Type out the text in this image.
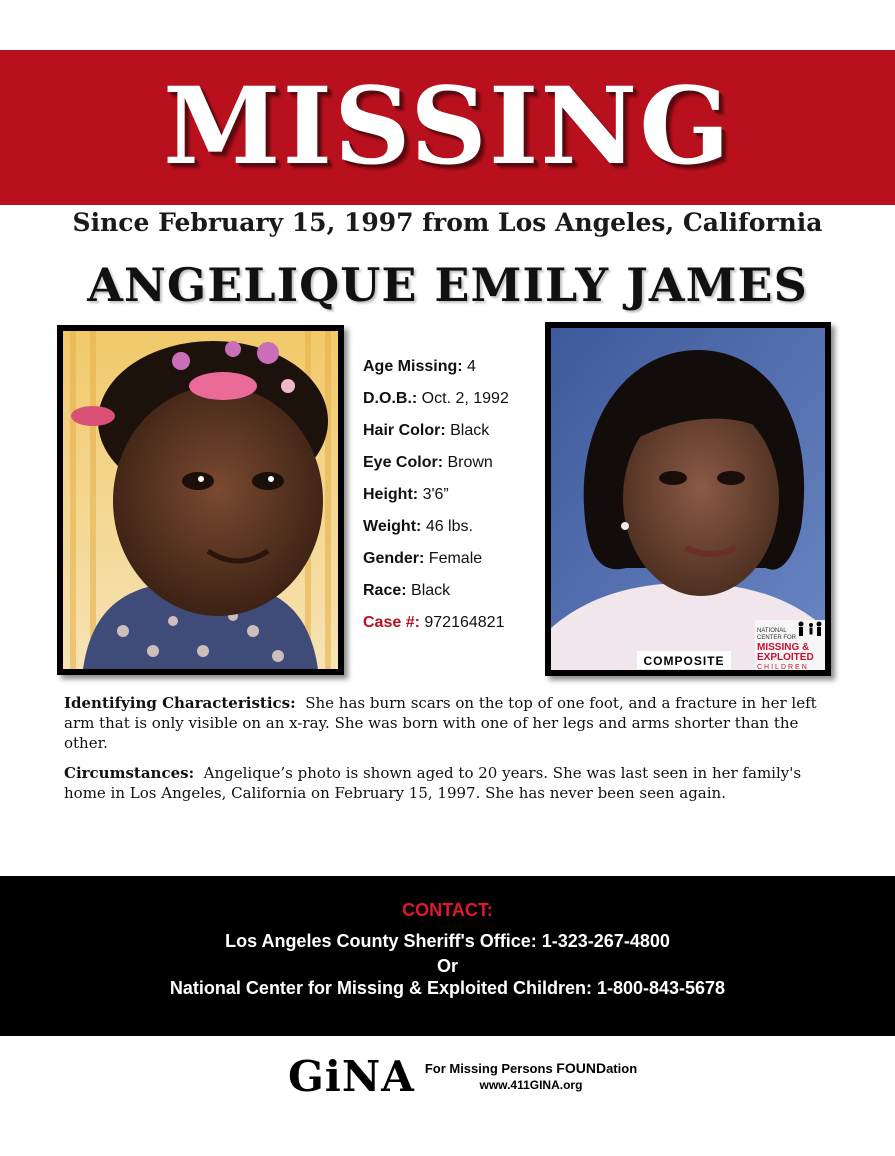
MISSING
Since February 15, 1997 from Los Angeles, California
ANGELIQUE EMILY JAMES
Age Missing: 4
D.O.B.: Oct. 2, 1992
Hair Color: Black
Eye Color: Brown
Height: 3'6”
Weight: 46 lbs.
Gender: Female
Race: Black
Case #: 972164821
COMPOSITE
NATIONAL
CENTER FOR
MISSING &
EXPLOITED
CHILDREN
Identifying Characteristics: She has burn scars on the top of one foot, and a fracture in her left arm that is only visible on an x-ray. She was born with one of her legs and arms shorter than the other.
Circumstances: Angelique’s photo is shown aged to 20 years. She was last seen in her family's home in Los Angeles, California on February 15, 1997. She has never been seen again.
CONTACT:
Los Angeles County Sheriff's Office: 1-323-267-4800
Or
National Center for Missing & Exploited Children: 1-800-843-5678
GiNA For Missing Persons FOUNDation
www.411GINA.org
